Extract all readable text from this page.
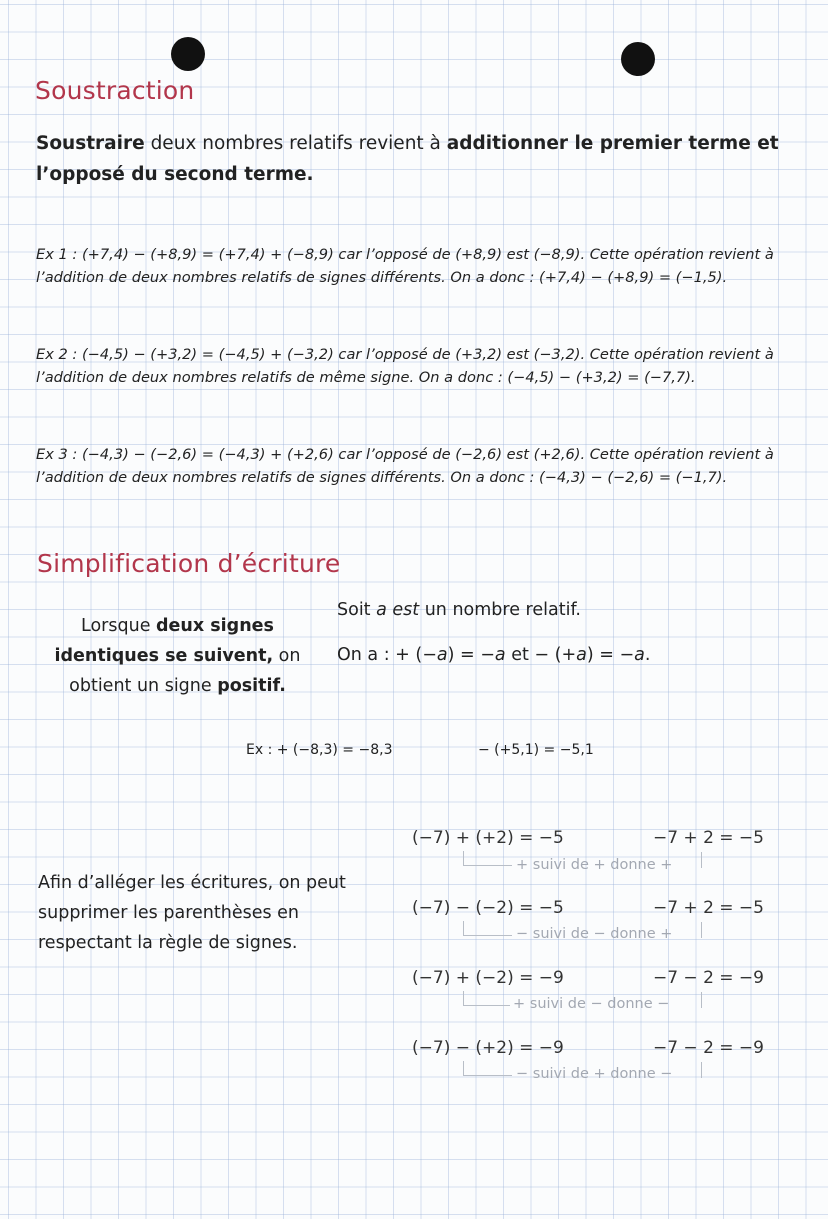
Soustraction
Soustraire deux nombres relatifs revient à additionner le premier terme et
l’opposé du second terme.
Ex 1 : (+7,4) − (+8,9) = (+7,4) + (−8,9) car l’opposé de (+8,9) est (−8,9). Cette opération revient à
l’addition de deux nombres relatifs de signes différents. On a donc : (+7,4) − (+8,9) = (−1,5).
Ex 2 : (−4,5) − (+3,2) = (−4,5) + (−3,2) car l’opposé de (+3,2) est (−3,2). Cette opération revient à
l’addition de deux nombres relatifs de même signe. On a donc : (−4,5) − (+3,2) = (−7,7).
Ex 3 : (−4,3) − (−2,6) = (−4,3) + (+2,6) car l’opposé de (−2,6) est (+2,6). Cette opération revient à
l’addition de deux nombres relatifs de signes différents. On a donc : (−4,3) − (−2,6) = (−1,7).
Simplification d’écriture
Lorsque deux signes
identiques se suivent, on
obtient un signe positif.
Soit a est un nombre relatif.
On a : + (−a) = −a et − (+a) = −a.
Ex : + (−8,3) = −8,3	− (+5,1) = −5,1
Afin d’alléger les écritures, on peut
supprimer les parenthèses en
respectant la règle de signes.
(−7) + (+2) = −5	−7 + 2 = −5
+ suivi de + donne +
(−7) − (−2) = −5	−7 + 2 = −5
− suivi de − donne +
(−7) + (−2) = −9	−7 − 2 = −9
+ suivi de − donne −
(−7) − (+2) = −9	−7 − 2 = −9
− suivi de + donne −
